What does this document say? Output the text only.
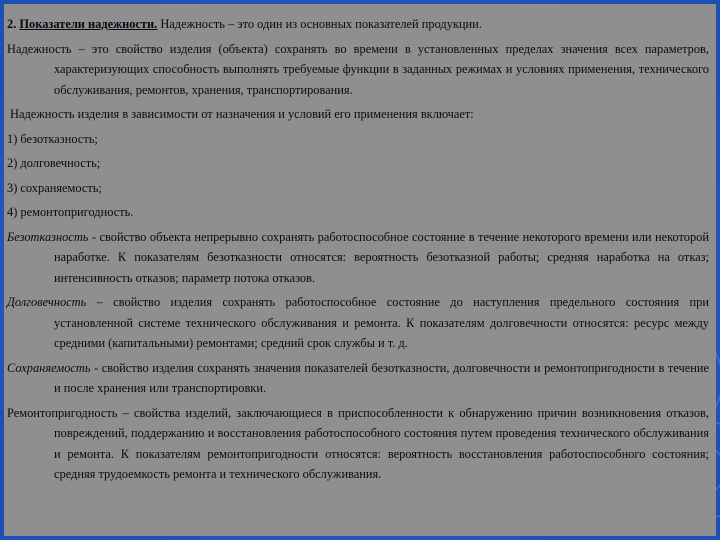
2. Показатели надежности. Надежность – это один из основных показателей продукции.

Надежность – это свойство изделия (объекта) сохранять во времени в установленных пределах значения всех параметров, характеризующих способность выполнять требуемые функции в заданных режимах и условиях применения, технического обслуживания, ремонтов, хранения, транспортирования.

Надежность изделия в зависимости от назначения и условий его применения включает:

1) безотказность;

2) долговечность;

3) сохраняемость;

4) ремонтопригодность.

Безотказность - свойство объекта непрерывно сохранять работоспособное состояние в течение некоторого времени или некоторой наработке. К показателям безотказности относятся: вероятность безотказной работы; средняя наработка на отказ; интенсивность отказов; параметр потока отказов.

Долговечность – свойство изделия сохранять работоспособное состояние до наступления предельного состояния при установленной системе технического обслуживания и ремонта. К показателям долговечности относятся: ресурс между средними (капитальными) ремонтами; средний срок службы и т. д.

Сохраняемость - свойство изделия сохранять значения показателей безотказности, долговечности и ремонтопригодности в течение и после хранения или транспортировки.

Ремонтопригодность – свойства изделий, заключающиеся в приспособленности к обнаружению причин возникновения отказов, повреждений, поддержанию и восстановления работоспособного состояния путем проведения технического обслуживания и ремонта. К показателям ремонтопригодности относятся: вероятность восстановления работоспособного состояния; средняя трудоемкость ремонта и технического обслуживания.
